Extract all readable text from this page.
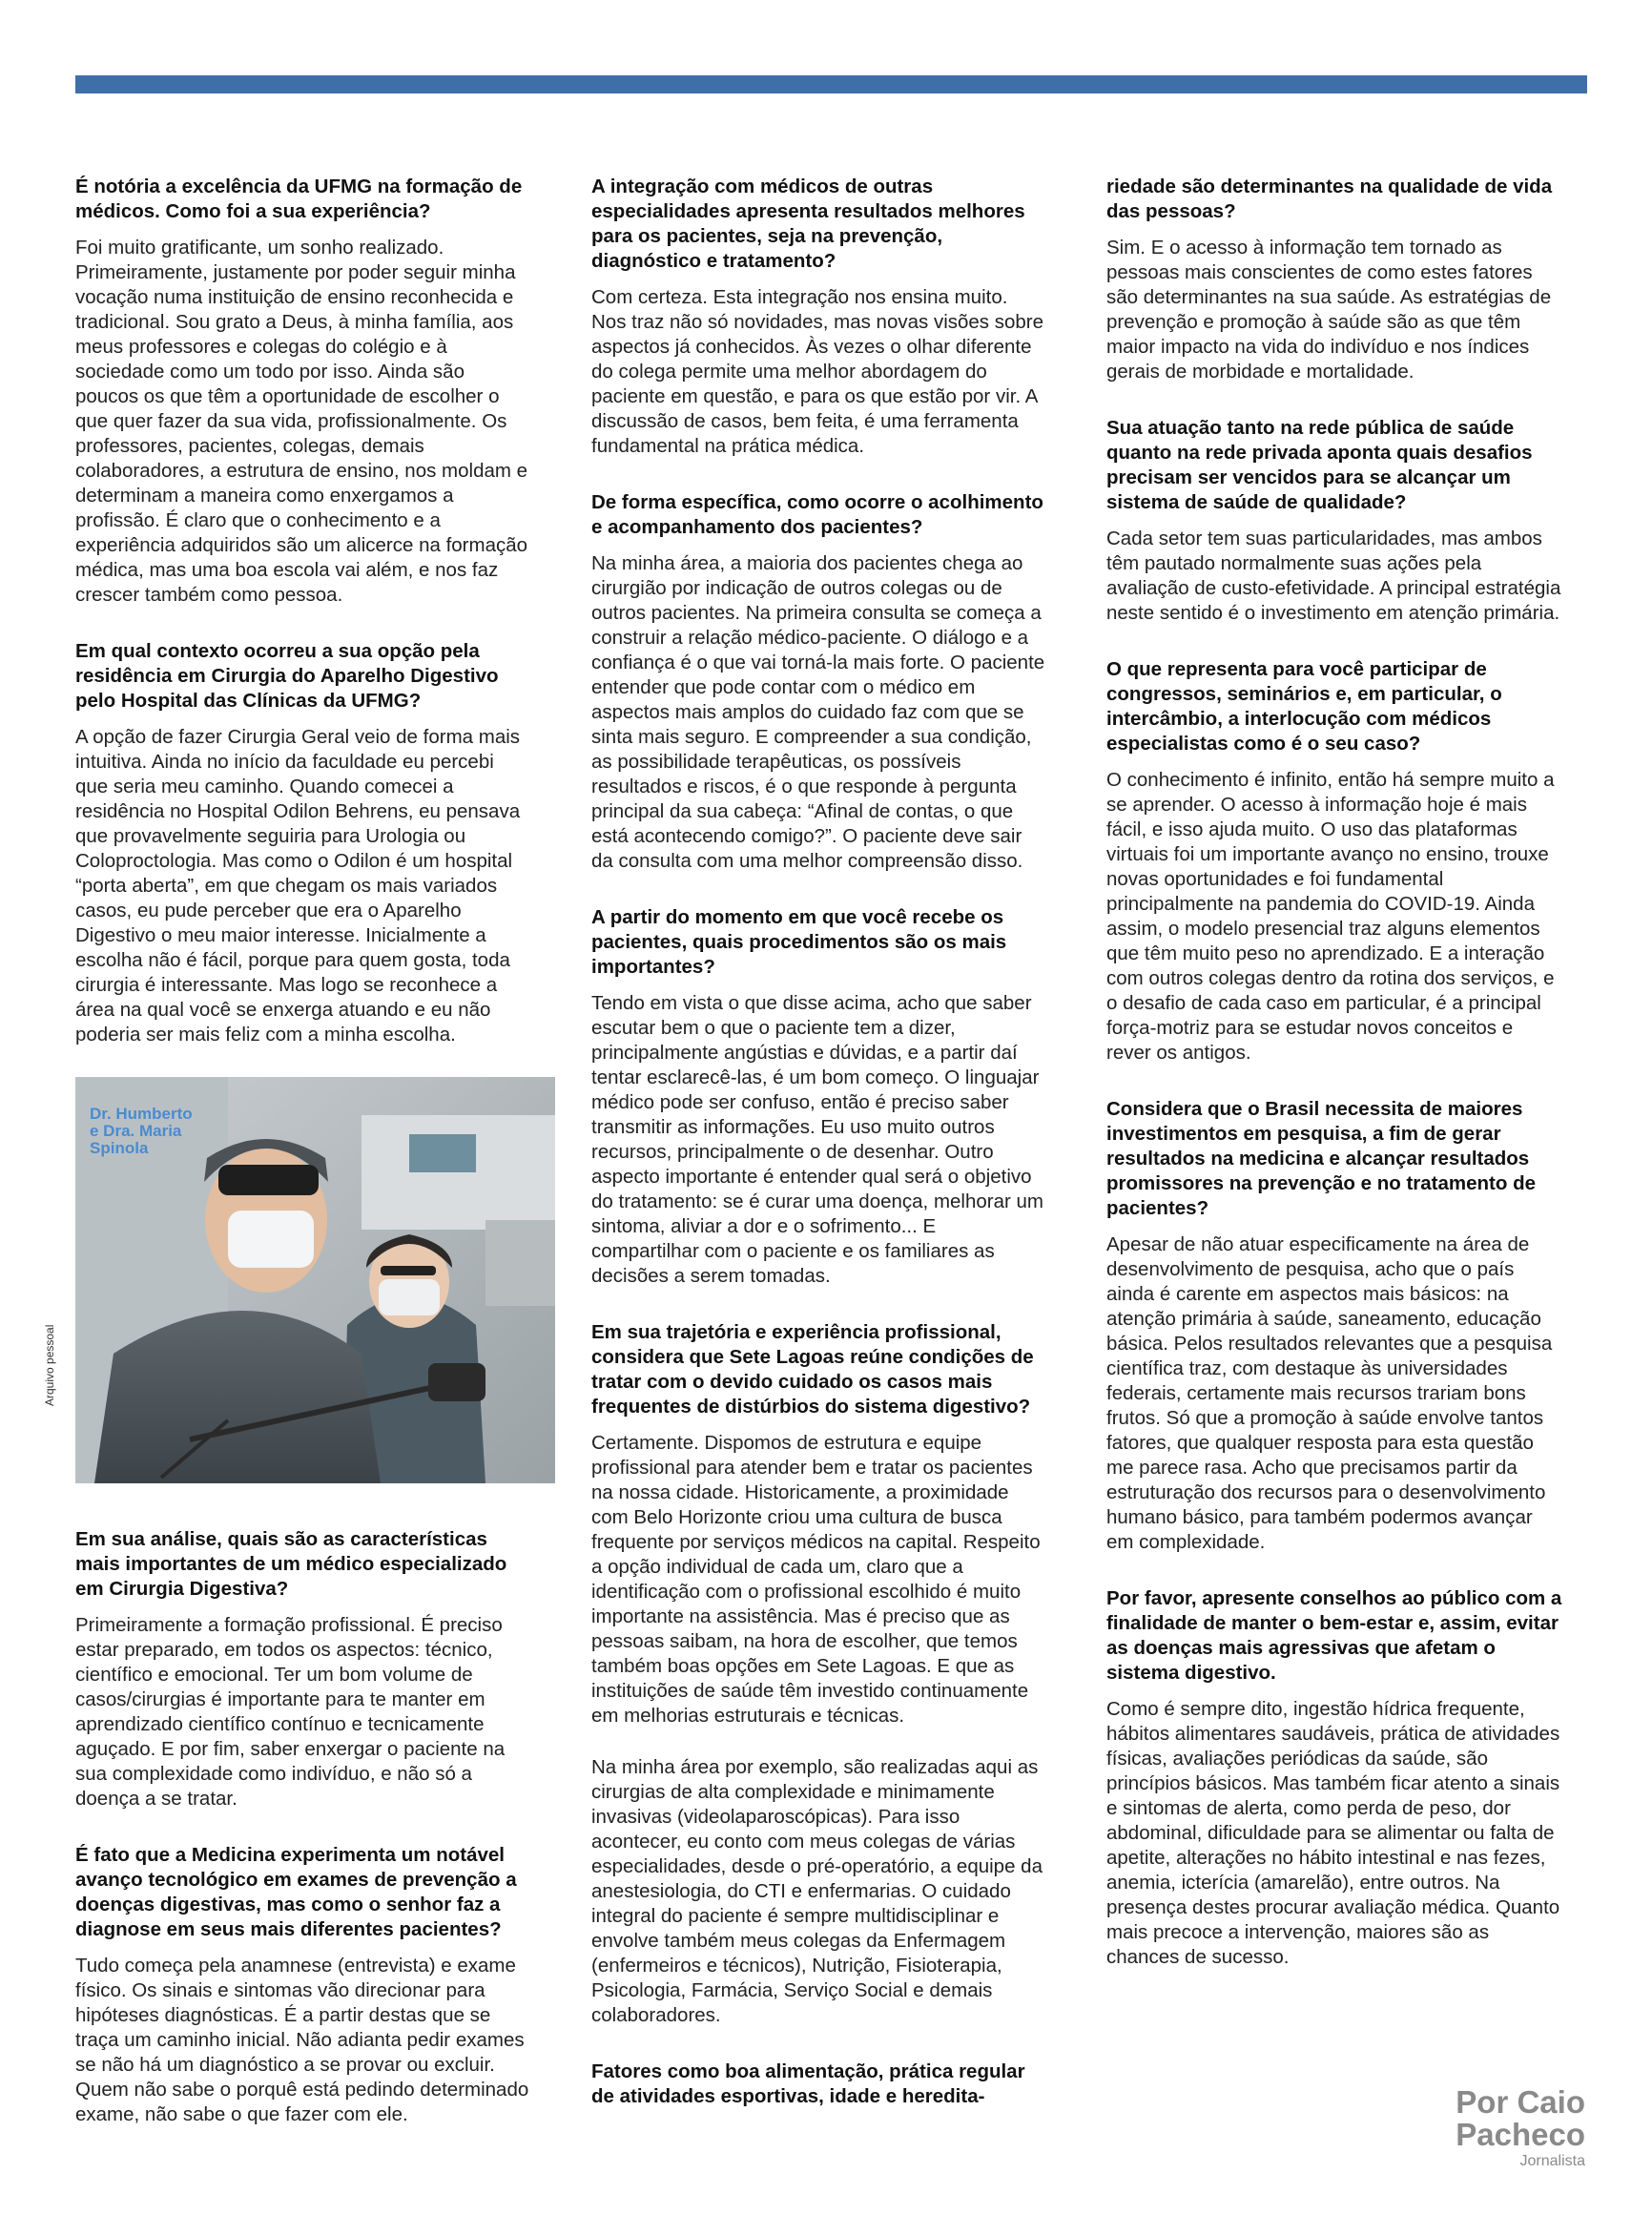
É notória a excelência da UFMG na formação de médicos. Como foi a sua experiência?

Foi muito gratificante, um sonho realizado. Primeiramente, justamente por poder seguir minha vocação numa instituição de ensino reconhecida e tradicional. Sou grato a Deus, à minha família, aos meus professores e colegas do colégio e à sociedade como um todo por isso. Ainda são poucos os que têm a oportunidade de escolher o que quer fazer da sua vida, profissionalmente. Os professores, pacientes, colegas, demais colaboradores, a estrutura de ensino, nos moldam e determinam a maneira como enxergamos a profissão. É claro que o conhecimento e a experiência adquiridos são um alicerce na formação médica, mas uma boa escola vai além, e nos faz crescer também como pessoa.

Em qual contexto ocorreu a sua opção pela residência em Cirurgia do Aparelho Digestivo pelo Hospital das Clínicas da UFMG?

A opção de fazer Cirurgia Geral veio de forma mais intuitiva. Ainda no início da faculdade eu percebi que seria meu caminho. Quando comecei a residência no Hospital Odilon Behrens, eu pensava que provavelmente seguiria para Urologia ou Coloproctologia. Mas como o Odilon é um hospital “porta aberta”, em que chegam os mais variados casos, eu pude perceber que era o Aparelho Digestivo o meu maior interesse. Inicialmente a escolha não é fácil, porque para quem gosta, toda cirurgia é interessante. Mas logo se reconhece a área na qual você se enxerga atuando e eu não poderia ser mais feliz com a minha escolha.

Dr. Humberto
e Dra. Maria
Spinola
Arquivo pessoal

Em sua análise, quais são as características mais importantes de um médico especializado em Cirurgia Digestiva?

Primeiramente a formação profissional. É preciso estar preparado, em todos os aspectos: técnico, científico e emocional. Ter um bom volume de casos/cirurgias é importante para te manter em aprendizado científico contínuo e tecnicamente aguçado. E por fim, saber enxergar o paciente na sua complexidade como indivíduo, e não só a doença a se tratar.

É fato que a Medicina experimenta um notável avanço tecnológico em exames de prevenção a doenças digestivas, mas como o senhor faz a diagnose em seus mais diferentes pacientes?

Tudo começa pela anamnese (entrevista) e exame físico. Os sinais e sintomas vão direcionar para hipóteses diagnósticas. É a partir destas que se traça um caminho inicial. Não adianta pedir exames se não há um diagnóstico a se provar ou excluir. Quem não sabe o porquê está pedindo determinado exame, não sabe o que fazer com ele.

A integração com médicos de outras especialidades apresenta resultados melhores para os pacientes, seja na prevenção, diagnóstico e tratamento?

Com certeza. Esta integração nos ensina muito. Nos traz não só novidades, mas novas visões sobre aspectos já conhecidos. Às vezes o olhar diferente do colega permite uma melhor abordagem do paciente em questão, e para os que estão por vir. A discussão de casos, bem feita, é uma ferramenta fundamental na prática médica.

De forma específica, como ocorre o acolhimento e acompanhamento dos pacientes?

Na minha área, a maioria dos pacientes chega ao cirurgião por indicação de outros colegas ou de outros pacientes. Na primeira consulta se começa a construir a relação médico-paciente. O diálogo e a confiança é o que vai torná-la mais forte. O paciente entender que pode contar com o médico em aspectos mais amplos do cuidado faz com que se sinta mais seguro. E compreender a sua condição, as possibilidade terapêuticas, os possíveis resultados e riscos, é o que responde à pergunta principal da sua cabeça: “Afinal de contas, o que está acontecendo comigo?”. O paciente deve sair da consulta com uma melhor compreensão disso.

A partir do momento em que você recebe os pacientes, quais procedimentos são os mais importantes?

Tendo em vista o que disse acima, acho que saber escutar bem o que o paciente tem a dizer, principalmente angústias e dúvidas, e a partir daí tentar esclarecê-las, é um bom começo. O linguajar médico pode ser confuso, então é preciso saber transmitir as informações. Eu uso muito outros recursos, principalmente o de desenhar. Outro aspecto importante é entender qual será o objetivo do tratamento: se é curar uma doença, melhorar um sintoma, aliviar a dor e o sofrimento... E compartilhar com o paciente e os familiares as decisões a serem tomadas.

Em sua trajetória e experiência profissional, considera que Sete Lagoas reúne condições de tratar com o devido cuidado os casos mais frequentes de distúrbios do sistema digestivo?

Certamente. Dispomos de estrutura e equipe profissional para atender bem e tratar os pacientes na nossa cidade. Historicamente, a proximidade com Belo Horizonte criou uma cultura de busca frequente por serviços médicos na capital. Respeito a opção individual de cada um, claro que a identificação com o profissional escolhido é muito importante na assistência. Mas é preciso que as pessoas saibam, na hora de escolher, que temos também boas opções em Sete Lagoas. E que as instituições de saúde têm investido continuamente em melhorias estruturais e técnicas.

Na minha área por exemplo, são realizadas aqui as cirurgias de alta complexidade e minimamente invasivas (videolaparoscópicas). Para isso acontecer, eu conto com meus colegas de várias especialidades, desde o pré-operatório, a equipe da anestesiologia, do CTI e enfermarias. O cuidado integral do paciente é sempre multidisciplinar e envolve também meus colegas da Enfermagem (enfermeiros e técnicos), Nutrição, Fisioterapia, Psicologia, Farmácia, Serviço Social e demais colaboradores.

Fatores como boa alimentação, prática regular de atividades esportivas, idade e heredita-

riedade são determinantes na qualidade de vida das pessoas?

Sim. E o acesso à informação tem tornado as pessoas mais conscientes de como estes fatores são determinantes na sua saúde. As estratégias de prevenção e promoção à saúde são as que têm maior impacto na vida do indivíduo e nos índices gerais de morbidade e mortalidade.

Sua atuação tanto na rede pública de saúde quanto na rede privada aponta quais desafios precisam ser vencidos para se alcançar um sistema de saúde de qualidade?

Cada setor tem suas particularidades, mas ambos têm pautado normalmente suas ações pela avaliação de custo-efetividade. A principal estratégia neste sentido é o investimento em atenção primária.

O que representa para você participar de congressos, seminários e, em particular, o intercâmbio, a interlocução com médicos especialistas como é o seu caso?

O conhecimento é infinito, então há sempre muito a se aprender. O acesso à informação hoje é mais fácil, e isso ajuda muito. O uso das plataformas virtuais foi um importante avanço no ensino, trouxe novas oportunidades e foi fundamental principalmente na pandemia do COVID-19. Ainda assim, o modelo presencial traz alguns elementos que têm muito peso no aprendizado. E a interação com outros colegas dentro da rotina dos serviços, e o desafio de cada caso em particular, é a principal força-motriz para se estudar novos conceitos e rever os antigos.

Considera que o Brasil necessita de maiores investimentos em pesquisa, a fim de gerar resultados na medicina e alcançar resultados promissores na prevenção e no tratamento de pacientes?

Apesar de não atuar especificamente na área de desenvolvimento de pesquisa, acho que o país ainda é carente em aspectos mais básicos: na atenção primária à saúde, saneamento, educação básica. Pelos resultados relevantes que a pesquisa científica traz, com destaque às universidades federais, certamente mais recursos trariam bons frutos. Só que a promoção à saúde envolve tantos fatores, que qualquer resposta para esta questão me parece rasa. Acho que precisamos partir da estruturação dos recursos para o desenvolvimento humano básico, para também podermos avançar em complexidade.

Por favor, apresente conselhos ao público com a finalidade de manter o bem-estar e, assim, evitar as doenças mais agressivas que afetam o sistema digestivo.

Como é sempre dito, ingestão hídrica frequente, hábitos alimentares saudáveis, prática de atividades físicas, avaliações periódicas da saúde, são princípios básicos. Mas também ficar atento a sinais e sintomas de alerta, como perda de peso, dor abdominal, dificuldade para se alimentar ou falta de apetite, alterações no hábito intestinal e nas fezes, anemia, icterícia (amarelão), entre outros. Na presença destes procurar avaliação médica. Quanto mais precoce a intervenção, maiores são as chances de sucesso.

Por Caio
Pacheco
Jornalista
